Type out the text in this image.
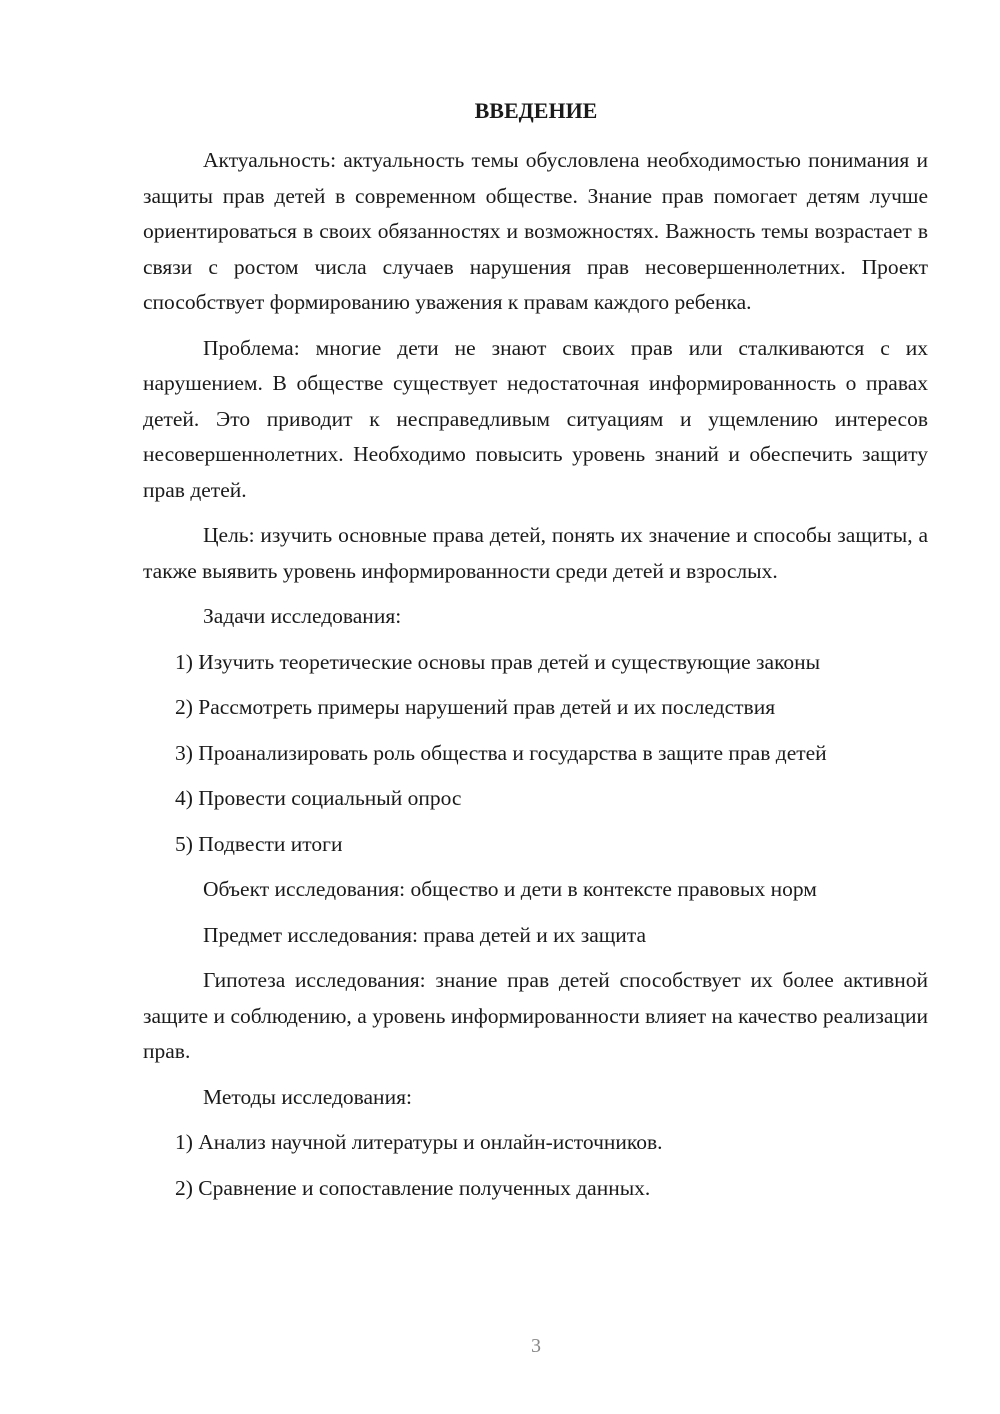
ВВЕДЕНИЕ

Актуальность: актуальность темы обусловлена необходимостью понимания и защиты прав детей в современном обществе. Знание прав помогает детям лучше ориентироваться в своих обязанностях и возможностях. Важность темы возрастает в связи с ростом числа случаев нарушения прав несовершеннолетних. Проект способствует формированию уважения к правам каждого ребенка.

Проблема: многие дети не знают своих прав или сталкиваются с их нарушением. В обществе существует недостаточная информированность о правах детей. Это приводит к несправедливым ситуациям и ущемлению интересов несовершеннолетних. Необходимо повысить уровень знаний и обеспечить защиту прав детей.

Цель: изучить основные права детей, понять их значение и способы защиты, а также выявить уровень информированности среди детей и взрослых.

Задачи исследования:

1) Изучить теоретические основы прав детей и существующие законы

2) Рассмотреть примеры нарушений прав детей и их последствия

3) Проанализировать роль общества и государства в защите прав детей

4) Провести социальный опрос

5) Подвести итоги

Объект исследования: общество и дети в контексте правовых норм

Предмет исследования: права детей и их защита

Гипотеза исследования: знание прав детей способствует их более активной защите и соблюдению, а уровень информированности влияет на качество реализации прав.

Методы исследования:

1) Анализ научной литературы и онлайн-источников.

2) Сравнение и сопоставление полученных данных.

3
